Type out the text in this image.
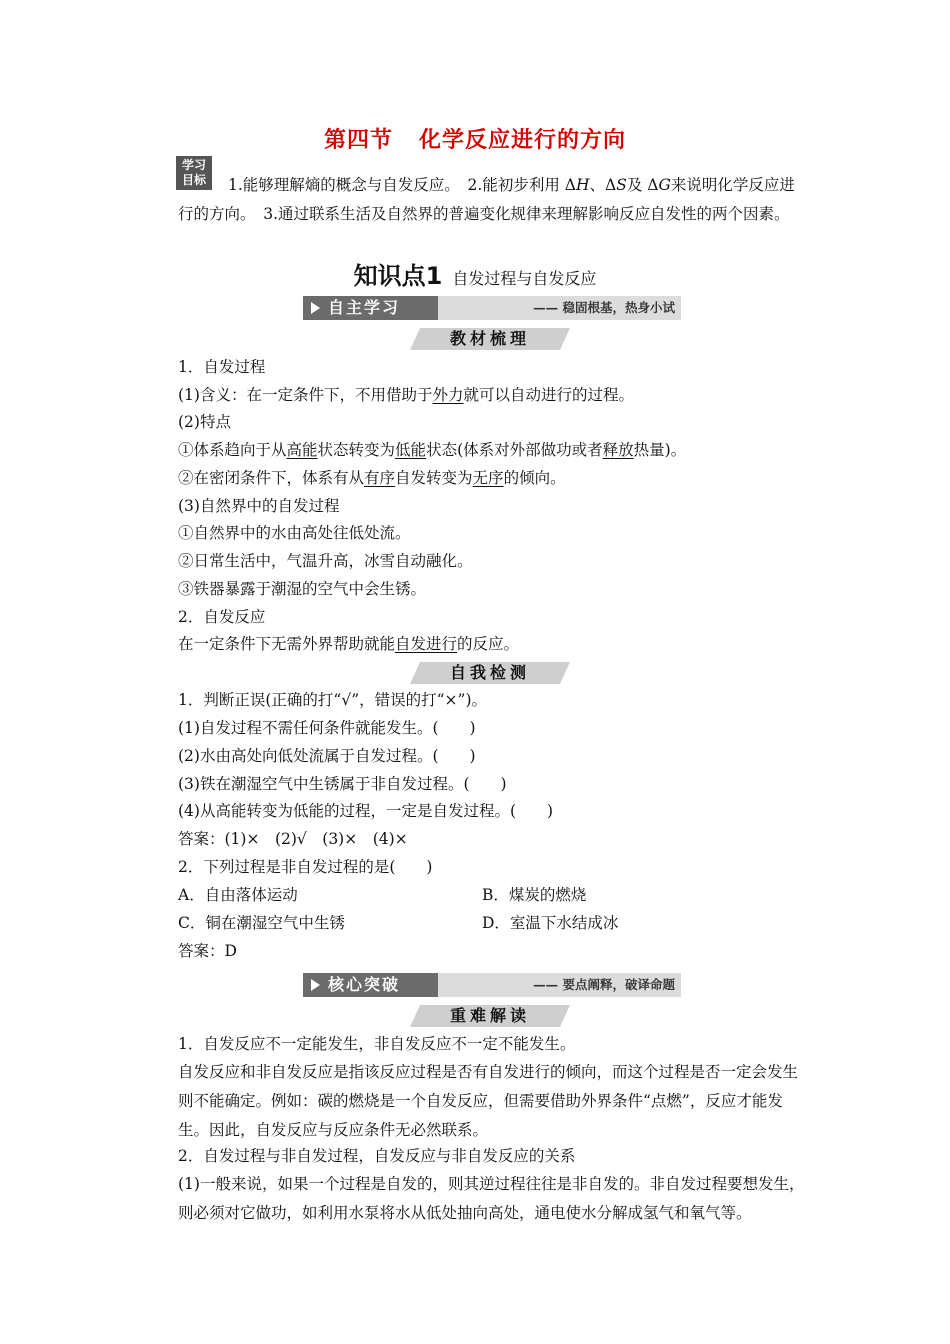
第四节 化学反应进行的方向
学习
目标	1.能够理解熵的概念与自发反应。　2.能初步利用 ΔH、ΔS及 ΔG来说明化学反应进行的方向。　3.通过联系生活及自然界的普遍变化规律来理解影响反应自发性的两个因素。
知识点1 自发过程与自发反应
自主学习	—— 稳固根基，热身小试
教材梳理
1．自发过程
(1)含义：在一定条件下，不用借助于外力就可以自动进行的过程。
(2)特点
①体系趋向于从高能状态转变为低能状态(体系对外部做功或者释放热量)。
②在密闭条件下，体系有从有序自发转变为无序的倾向。
(3)自然界中的自发过程
①自然界中的水由高处往低处流。
②日常生活中，气温升高，冰雪自动融化。
③铁器暴露于潮湿的空气中会生锈。
2．自发反应
在一定条件下无需外界帮助就能自发进行的反应。
自我检测
1．判断正误(正确的打“√”，错误的打“×”)。
(1)自发过程不需任何条件就能发生。(　　)
(2)水由高处向低处流属于自发过程。(　　)
(3)铁在潮湿空气中生锈属于非自发过程。(　　)
(4)从高能转变为低能的过程，一定是自发过程。(　　)
答案：(1)×　(2)√　(3)×　(4)×
2．下列过程是非自发过程的是(　　)
A．自由落体运动	B．煤炭的燃烧
C．铜在潮湿空气中生锈	D．室温下水结成冰
答案：D
核心突破	—— 要点阐释，破译命题
重难解读
1．自发反应不一定能发生，非自发反应不一定不能发生。
自发反应和非自发反应是指该反应过程是否有自发进行的倾向，而这个过程是否一定会发生则不能确定。例如：碳的燃烧是一个自发反应，但需要借助外界条件“点燃”，反应才能发生。因此，自发反应与反应条件无必然联系。
2．自发过程与非自发过程，自发反应与非自发反应的关系
(1)一般来说，如果一个过程是自发的，则其逆过程往往是非自发的。非自发过程要想发生，则必须对它做功，如利用水泵将水从低处抽向高处，通电使水分解成氢气和氧气等。
